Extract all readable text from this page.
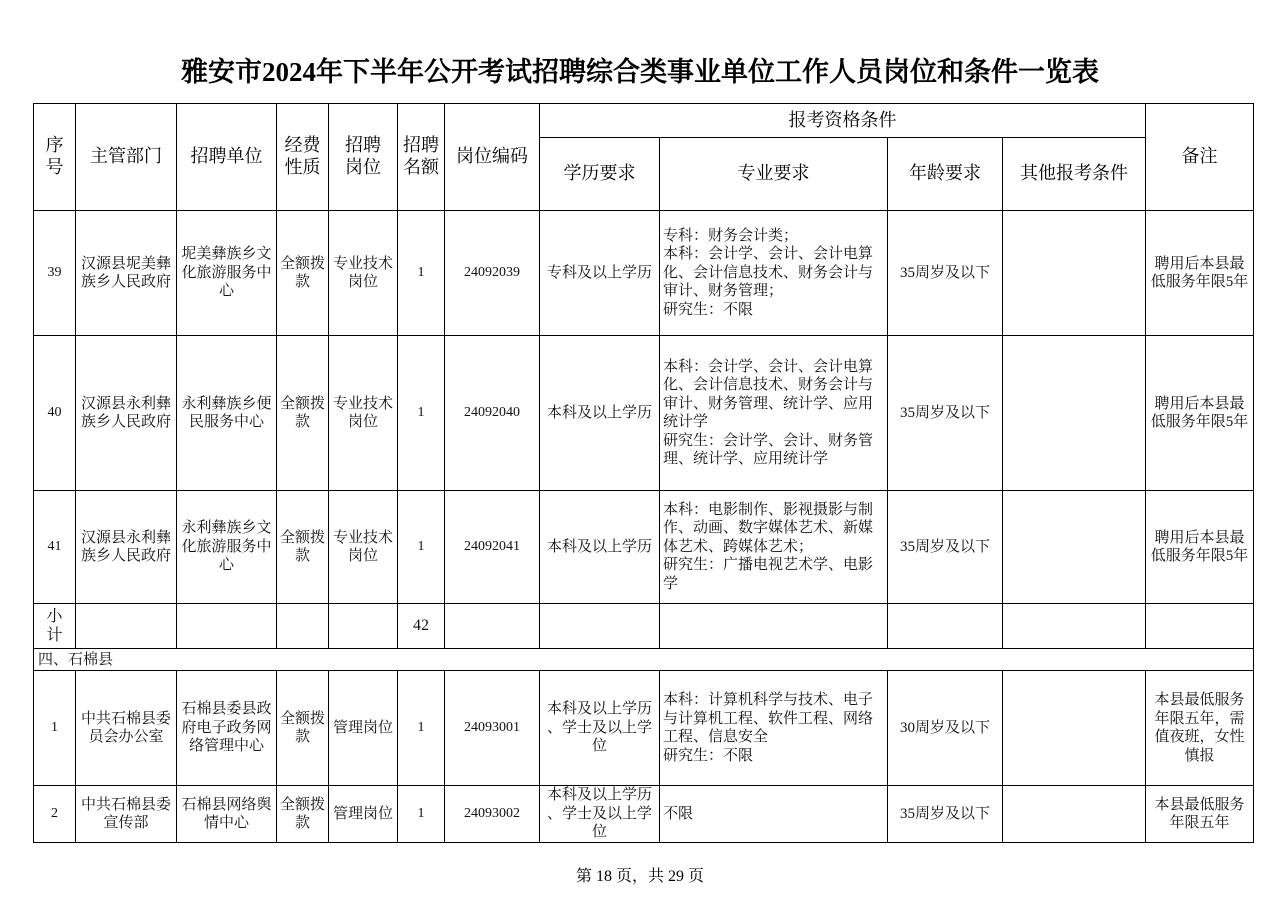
雅安市2024年下半年公开考试招聘综合类事业单位工作人员岗位和条件一览表
序号	主管部门	招聘单位	经费性质	招聘岗位	招聘名额	岗位编码	报考资格条件				备注
							学历要求	专业要求	年龄要求	其他报考条件	
39	汉源县坭美彝族乡人民政府	坭美彝族乡文化旅游服务中心	全额拨款	专业技术岗位	1	24092039	专科及以上学历	专科：财务会计类；
本科：会计学、会计、会计电算化、会计信息技术、财务会计与审计、财务管理；
研究生：不限	35周岁及以下		聘用后本县最低服务年限5年
40	汉源县永利彝族乡人民政府	永利彝族乡便民服务中心	全额拨款	专业技术岗位	1	24092040	本科及以上学历	本科：会计学、会计、会计电算化、会计信息技术、财务会计与审计、财务管理、统计学、应用统计学
研究生：会计学、会计、财务管理、统计学、应用统计学	35周岁及以下		聘用后本县最低服务年限5年
41	汉源县永利彝族乡人民政府	永利彝族乡文化旅游服务中心	全额拨款	专业技术岗位	1	24092041	本科及以上学历	本科：电影制作、影视摄影与制作、动画、数字媒体艺术、新媒体艺术、跨媒体艺术；
研究生：广播电视艺术学、电影学	35周岁及以下		聘用后本县最低服务年限5年
小计					42						
四、石棉县											
1	中共石棉县委员会办公室	石棉县委县政府电子政务网络管理中心	全额拨款	管理岗位	1	24093001	本科及以上学历、学士及以上学位	本科：计算机科学与技术、电子与计算机工程、软件工程、网络工程、信息安全
研究生：不限	30周岁及以下		本县最低服务年限五年，需值夜班，女性慎报
2	中共石棉县委宣传部	石棉县网络舆情中心	全额拨款	管理岗位	1	24093002	本科及以上学历、学士及以上学位	不限	35周岁及以下		本县最低服务年限五年
第 18 页，共 29 页
